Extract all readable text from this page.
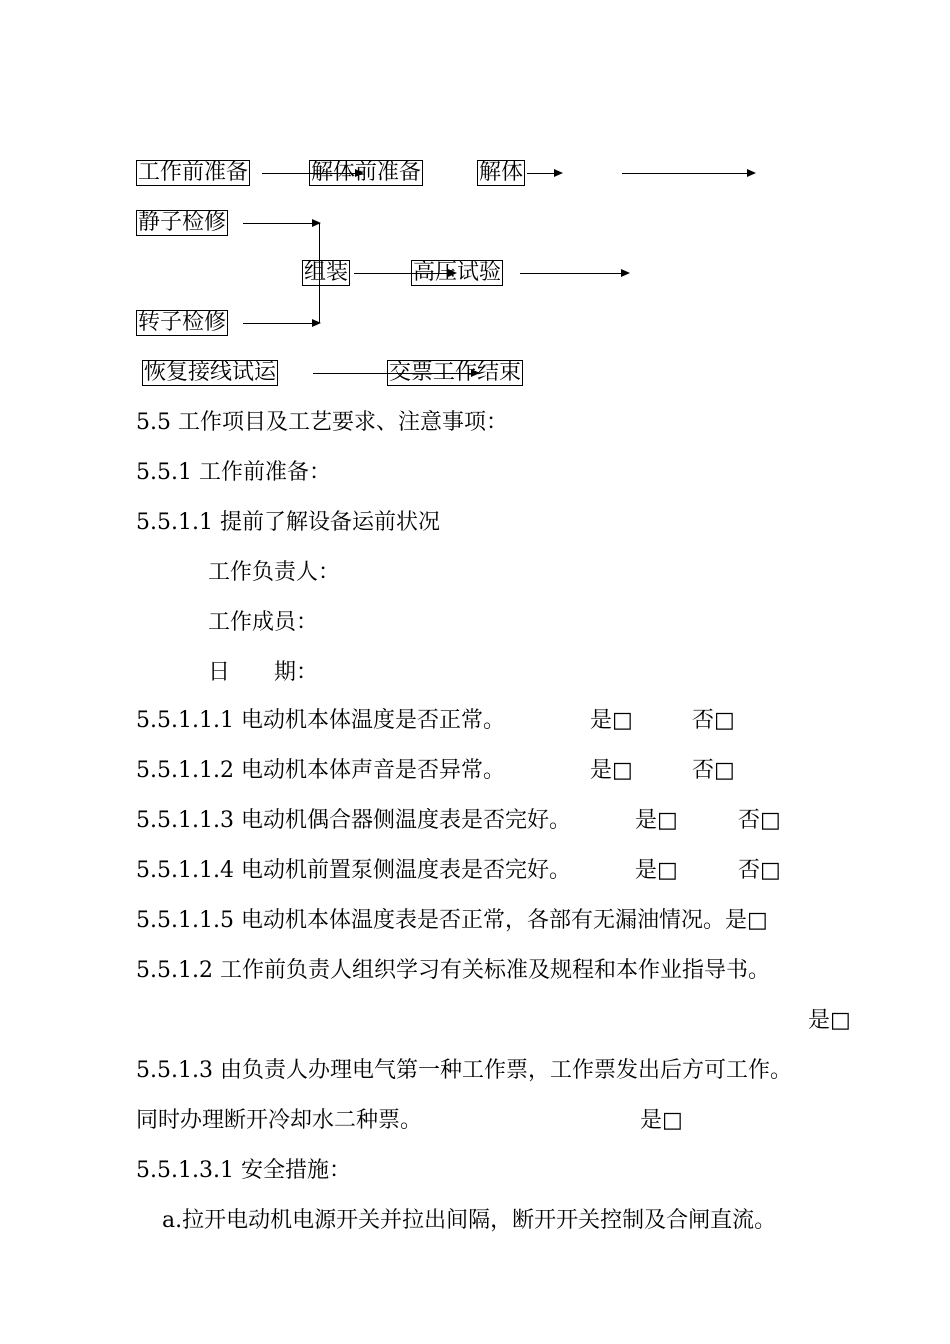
工作前准备	解体前准备	解体
静子检修
组装	高压试验
转子检修
恢复接线试运	交票工作结束
5.5 工作项目及工艺要求、注意事项：
5.5.1 工作前准备：
5.5.1.1 提前了解设备运前状况
工作负责人：
工作成员：
日　　期：
5.5.1.1.1 电动机本体温度是否正常。	是□	否□
5.5.1.1.2 电动机本体声音是否异常。	是□	否□
5.5.1.1.3 电动机偶合器侧温度表是否完好。	是□	否□
5.5.1.1.4 电动机前置泵侧温度表是否完好。	是□	否□
5.5.1.1.5 电动机本体温度表是否正常，各部有无漏油情况。是□
5.5.1.2 工作前负责人组织学习有关标准及规程和本作业指导书。
是□
5.5.1.3 由负责人办理电气第一种工作票，工作票发出后方可工作。
同时办理断开冷却水二种票。	是□
5.5.1.3.1 安全措施：
a.拉开电动机电源开关并拉出间隔，断开开关控制及合闸直流。
